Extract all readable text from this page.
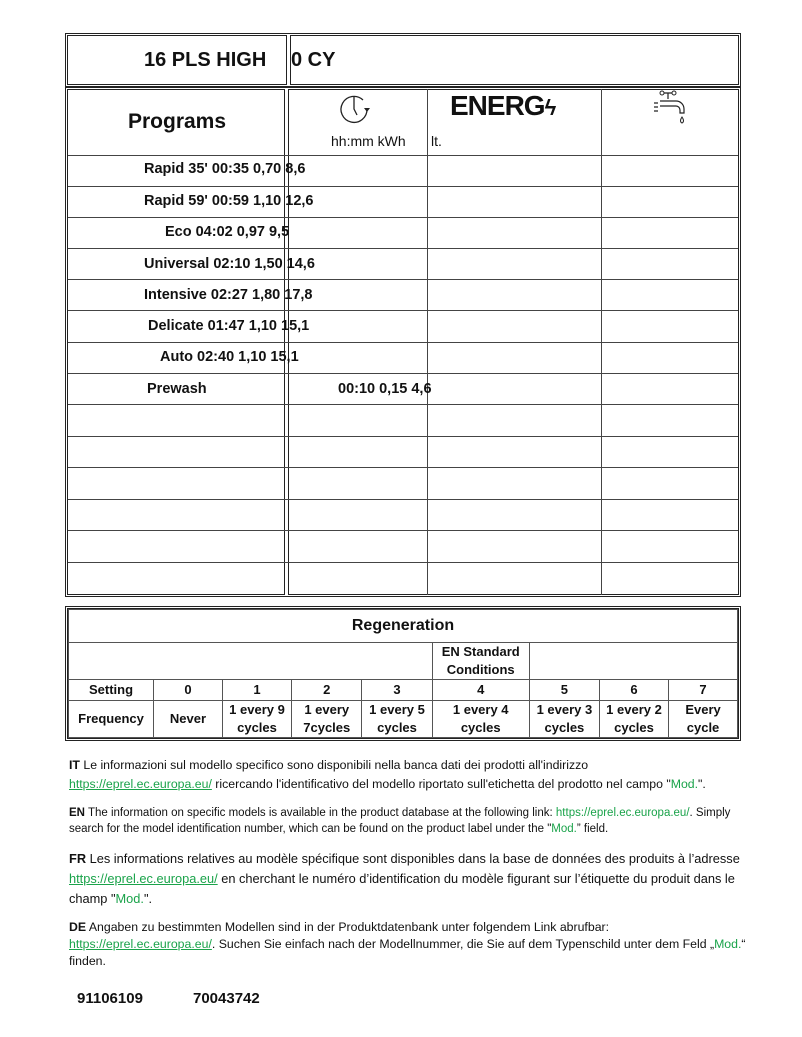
16 PLS HIGH 0 CY
Programs
ENERGϟ
hh:mm kWh lt.
Rapid 35' 00:35 0,70 8,6
Rapid 59' 00:59 1,10 12,6
Eco 04:02 0,97 9,5
Universal 02:10 1,50 14,6
Intensive 02:27 1,80 17,8
Delicate 01:47 1,10 15,1
Auto 02:40 1,10 15,1
Prewash	00:10 0,15 4,6
Regeneration								
					EN Standard Conditions			
Setting	0	1	2	3	4	5	6	7
Frequency	Never	1 every 9 cycles	1 every 7cycles	1 every 5 cycles	1 every 4 cycles	1 every 3 cycles	1 every 2 cycles	Every cycle
IT Le informazioni sul modello specifico sono disponibili nella banca dati dei prodotti all'indirizzo
https://eprel.ec.europa.eu/ ricercando l'identificativo del modello riportato sull'etichetta del prodotto nel campo "Mod.".
EN The information on specific models is available in the product database at the following link: https://eprel.ec.europa.eu/. Simply search for the model identification number, which can be found on the product label under the "Mod.” field.
FR Les informations relatives au modèle spécifique sont disponibles dans la base de données des produits à l’adresse https://eprel.ec.europa.eu/ en cherchant le numéro d’identification du modèle figurant sur l’étiquette du produit dans le champ "Mod.".
DE Angaben zu bestimmten Modellen sind in der Produktdatenbank unter folgendem Link abrufbar: https://eprel.ec.europa.eu/. Suchen Sie einfach nach der Modellnummer, die Sie auf dem Typenschild unter dem Feld „Mod.“ finden.
91106109	70043742
